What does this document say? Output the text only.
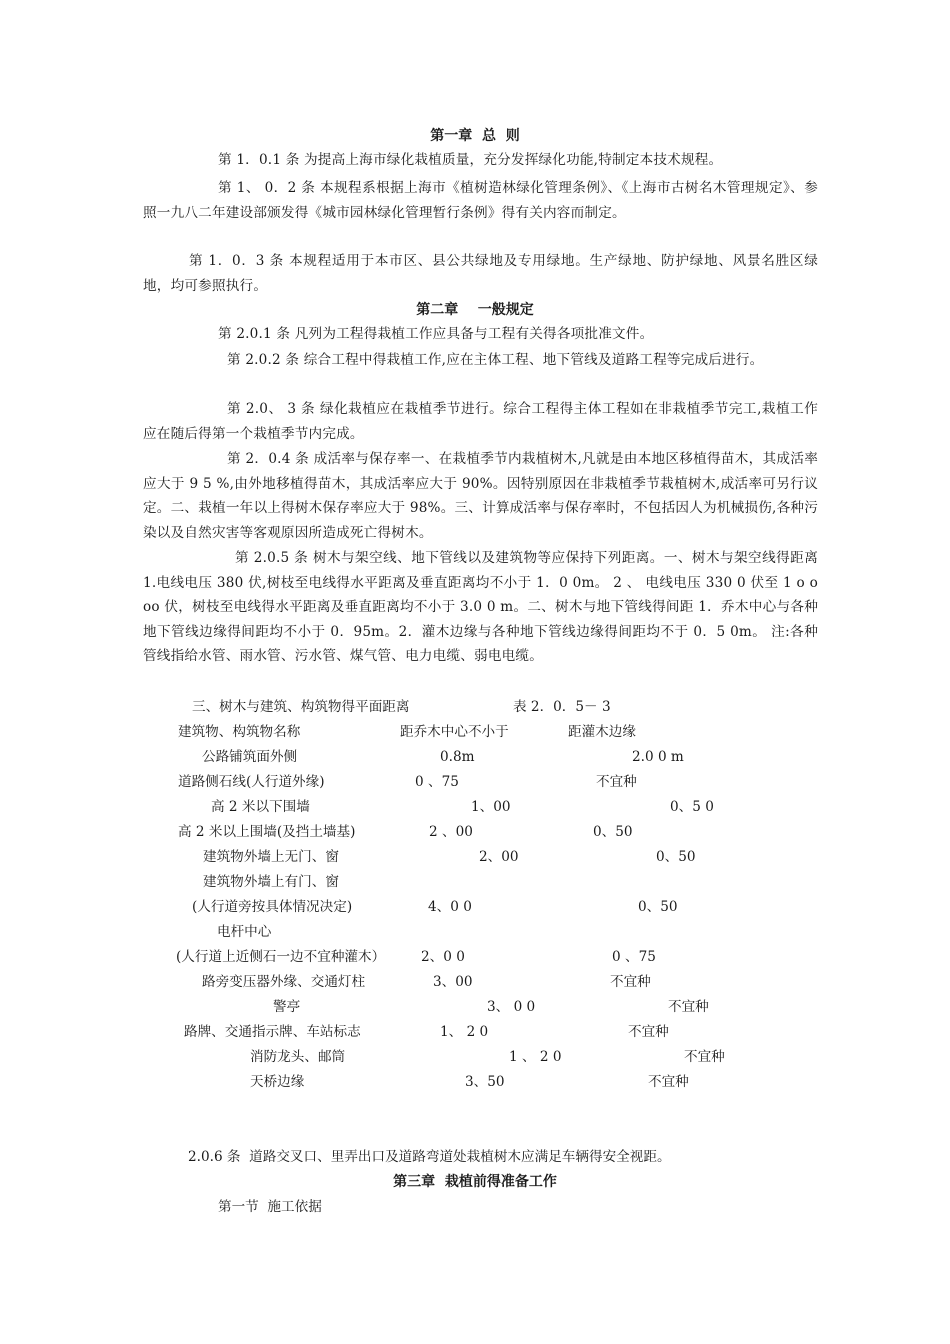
第一章  总  则
第 1．0.1 条 为提高上海市绿化栽植质量，充分发挥绿化功能,特制定本技术规程。
第 1、 0．2 条 本规程系根据上海市《植树造林绿化管理条例》、《上海市古树名木管理规定》、参照一九八二年建设部颁发得《城市园林绿化管理暂行条例》得有关内容而制定。
第 1．0．3 条 本规程适用于本市区、县公共绿地及专用绿地。生产绿地、防护绿地、风景名胜区绿地，均可参照执行。
第二章    一般规定
第 2.0.1 条 凡列为工程得栽植工作应具备与工程有关得各项批准文件。
第 2.0.2 条 综合工程中得栽植工作,应在主体工程、地下管线及道路工程等完成后进行。
第 2.0、 3 条 绿化栽植应在栽植季节进行。综合工程得主体工程如在非栽植季节完工,栽植工作应在随后得第一个栽植季节内完成。
第 2．0.4 条 成活率与保存率一、在栽植季节内栽植树木,凡就是由本地区移植得苗木，其成活率应大于 9 5 %,由外地移植得苗木，其成活率应大于 90%。因特别原因在非栽植季节栽植树木,成活率可另行议定。二、栽植一年以上得树木保存率应大于 98%。三、计算成活率与保存率时，不包括因人为机械损伤,各种污染以及自然灾害等客观原因所造成死亡得树木。
第 2.0.5 条 树木与架空线、地下管线以及建筑物等应保持下列距离。一、树木与架空线得距离 1.电线电压 380 伏,树枝至电线得水平距离及垂直距离均不小于 1．0 0m。 2 、 电线电压 330 0 伏至 1 o o oo 伏，树枝至电线得水平距离及垂直距离均不小于 3.0 0 m。二、树木与地下管线得间距 1．乔木中心与各种地下管线边缘得间距均不小于 0．95m。2．灌木边缘与各种地下管线边缘得间距均不于 0．5 0m。 注:各种管线指给水管、雨水管、污水管、煤气管、电力电缆、弱电电缆。
三、树木与建筑、构筑物得平面距离	表 2．0．5－ 3
建筑物、构筑物名称	距乔木中心不小于	距灌木边缘
公路铺筑面外侧	0.8m	2.0 0 m
道路侧石线(人行道外缘)	0 、75	不宜种
高 2 米以下围墙	1、00	0、5 0
高 2 米以上围墙(及挡土墙基)	2 、00	0、50
建筑物外墙上无门、窗	2、00	0、50
建筑物外墙上有门、窗
(人行道旁按具体情况决定)	4、0 0	0、50
电杆中心
(人行道上近侧石一边不宜种灌木）	2、0 0	0 、75
路旁变压器外缘、交通灯柱	3、00	不宜种
警亭	3、 0 0	不宜种
路牌、交通指示牌、车站标志	1、 2 0	不宜种
消防龙头、邮筒	1 、 2 0	不宜种
天桥边缘	3、50	不宜种
2.0.6 条  道路交叉口、里弄出口及道路弯道处栽植树木应满足车辆得安全视距。
第三章  栽植前得准备工作
第一节  施工依据
